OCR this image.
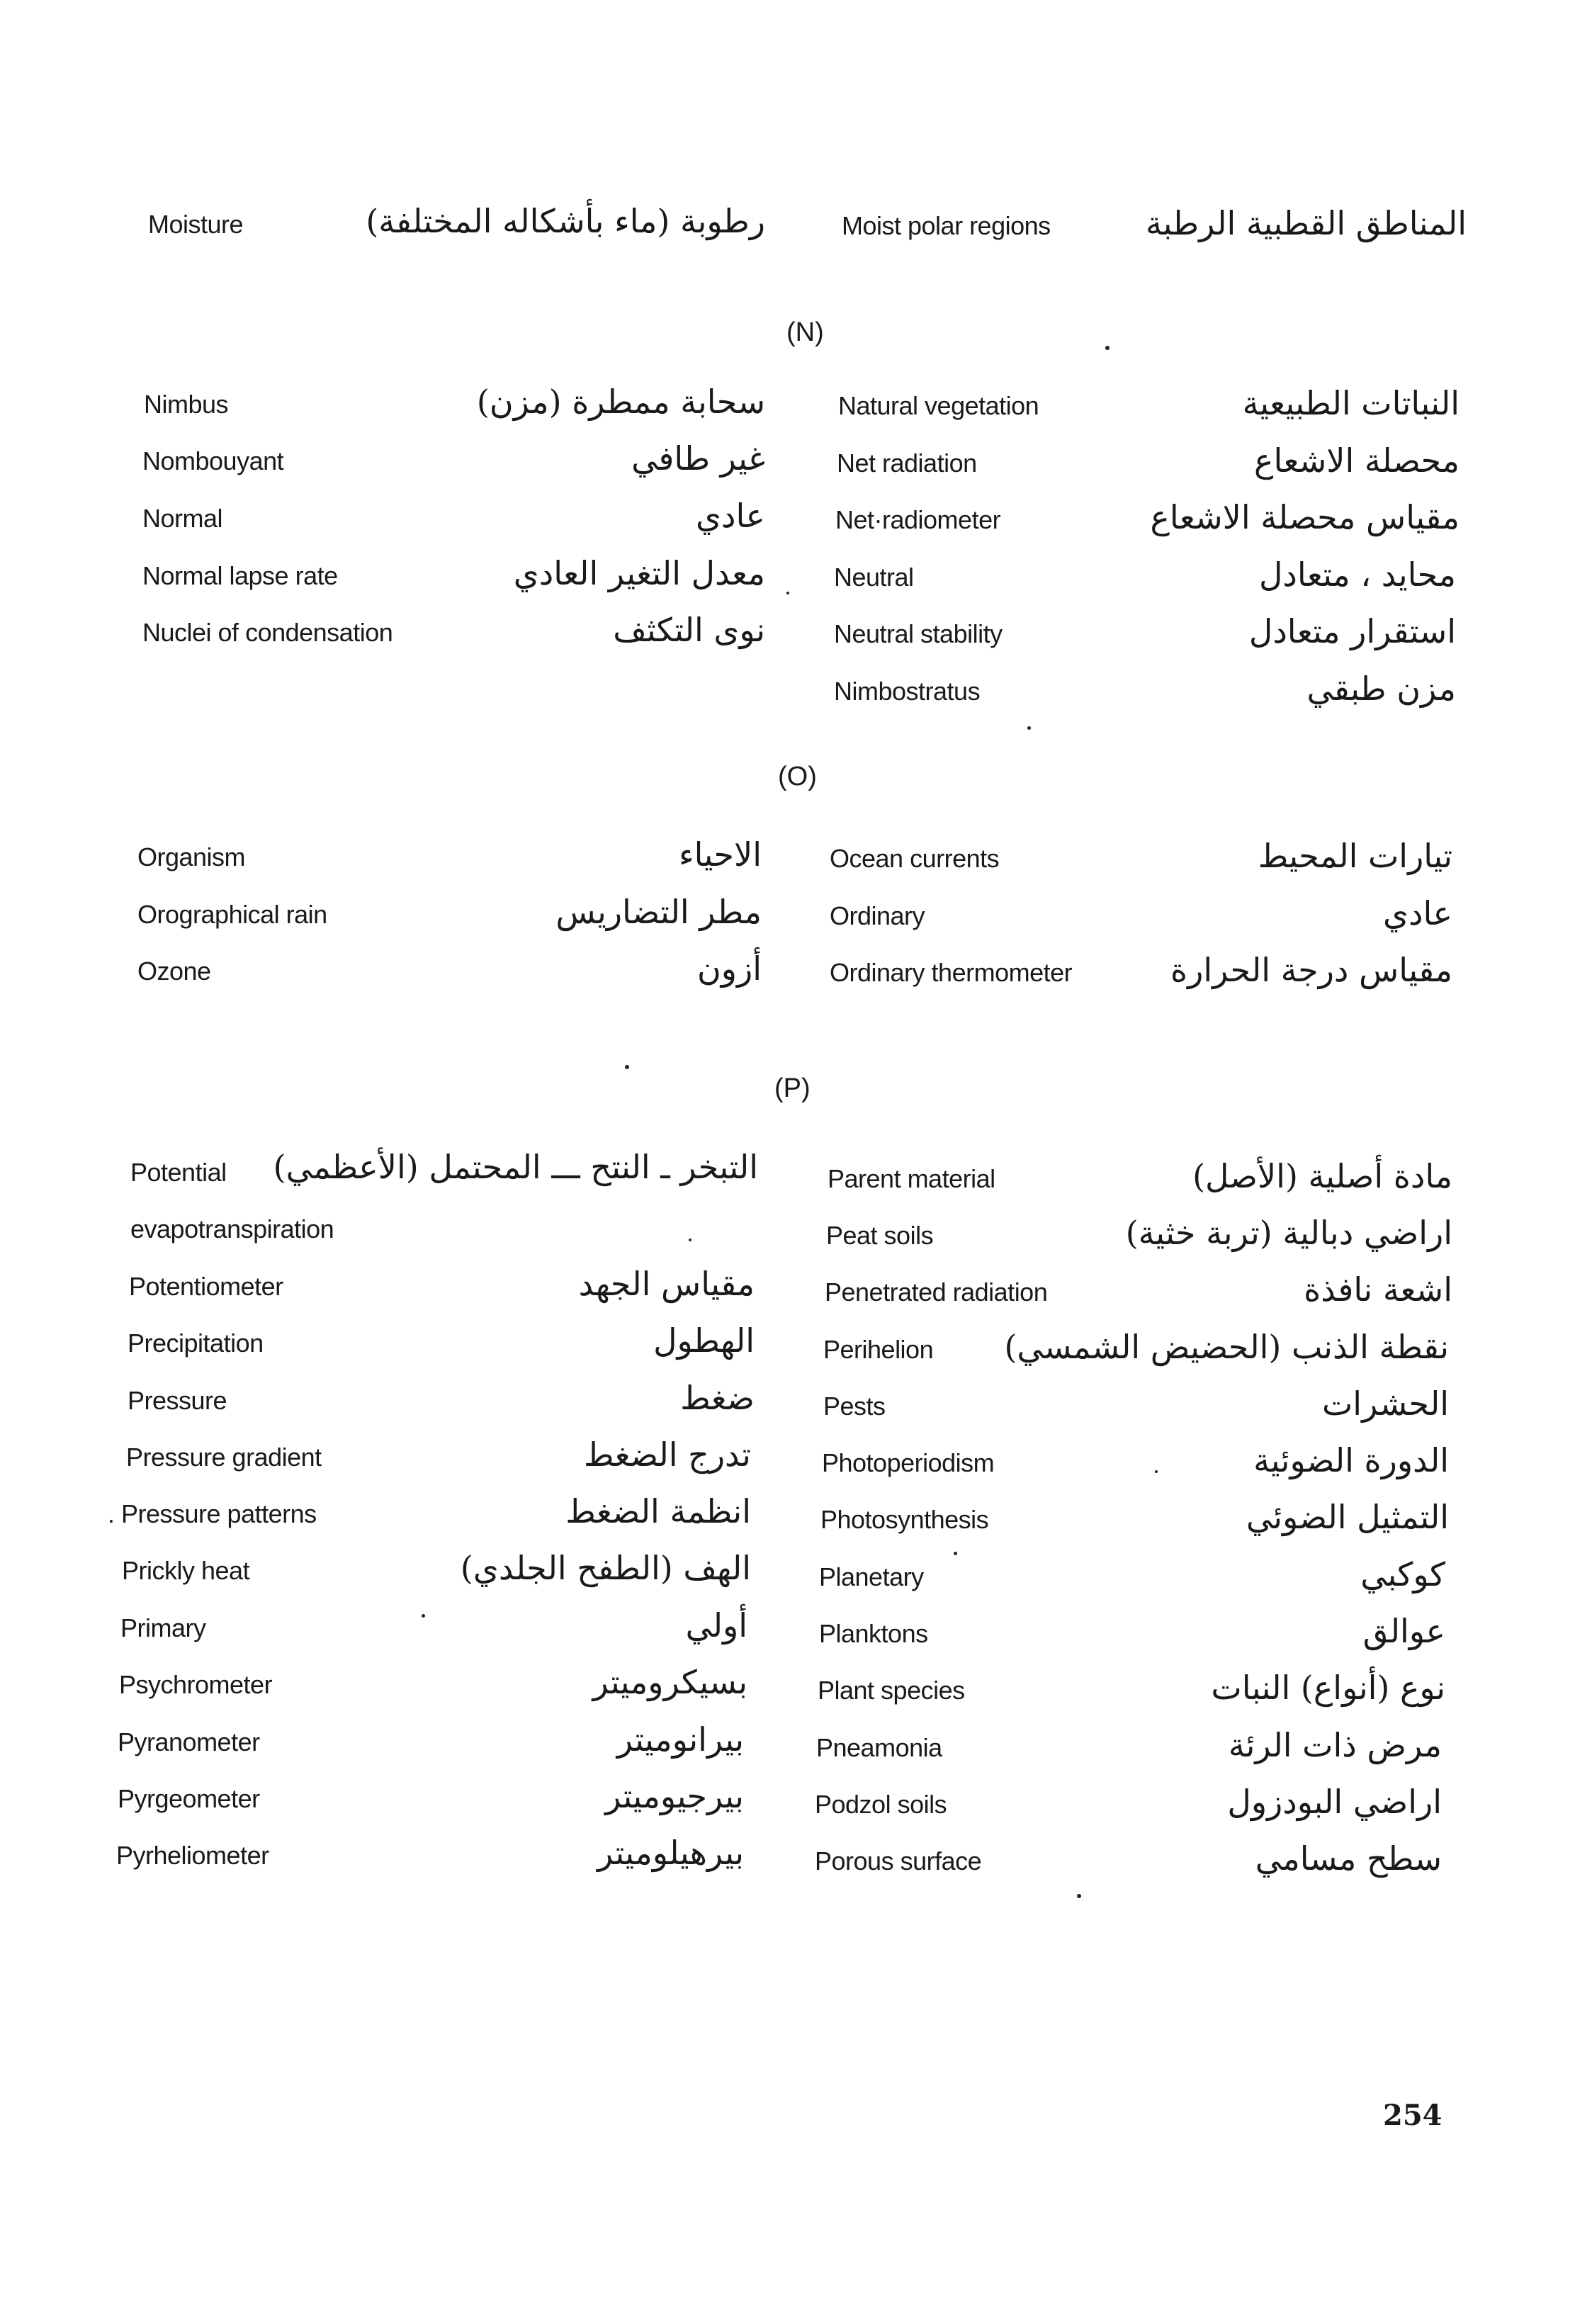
Moisture	رطوبة (ماء بأشكاله المختلفة)	Moist polar regions	المناطق القطبية الرطبة
(N)
Nimbus	سحابة ممطرة (مزن)
Nombouyant	غير طافي
Normal	عادي
Normal lapse rate	معدل التغير العادي
Nuclei of condensation	نوى التكثف
Natural vegetation	النباتات الطبيعية
Net radiation	محصلة الاشعاع
Net·radiometer	مقياس محصلة الاشعاع
Neutral	محايد ، متعادل
Neutral stability	استقرار متعادل
Nimbostratus	مزن طبقي
(O)
Organism	الاحياء
Orographical rain	مطر التضاريس
Ozone	أزون
Ocean currents	تيارات المحيط
Ordinary	عادي
Ordinary thermometer	مقياس درجة الحرارة
(P)
Potential التبخر ـ النتح ـــ المحتمل (الأعظمي)
evapotranspiration
Potentiometer	مقياس الجهد
Precipitation	الهطول
Pressure	ضغط
Pressure gradient	تدرج الضغط
. Pressure patterns	انظمة الضغط
Prickly heat	الهف (الطفح الجلدي)
Primary	أولي
Psychrometer	بسيكروميتر
Pyranometer	بيرانوميتر
Pyrgeometer	بيرجيوميتر
Pyrheliometer	بيرهيلوميتر
Parent material	مادة أصلية (الأصل)
Peat soils	اراضي دبالية (تربة خثية)
Penetrated radiation	اشعة نافذة
Perihelion نقطة الذنب (الحضيض الشمسي)
Pests	الحشرات
Photoperiodism	الدورة الضوئية
Photosynthesis	التمثيل الضوئي
Planetary	كوكبي
Planktons	عوالق
Plant species	نوع (أنواع) النبات
Pneamonia	مرض ذات الرئة
Podzol soils	اراضي البودزول
Porous surface	سطح مسامي
254
